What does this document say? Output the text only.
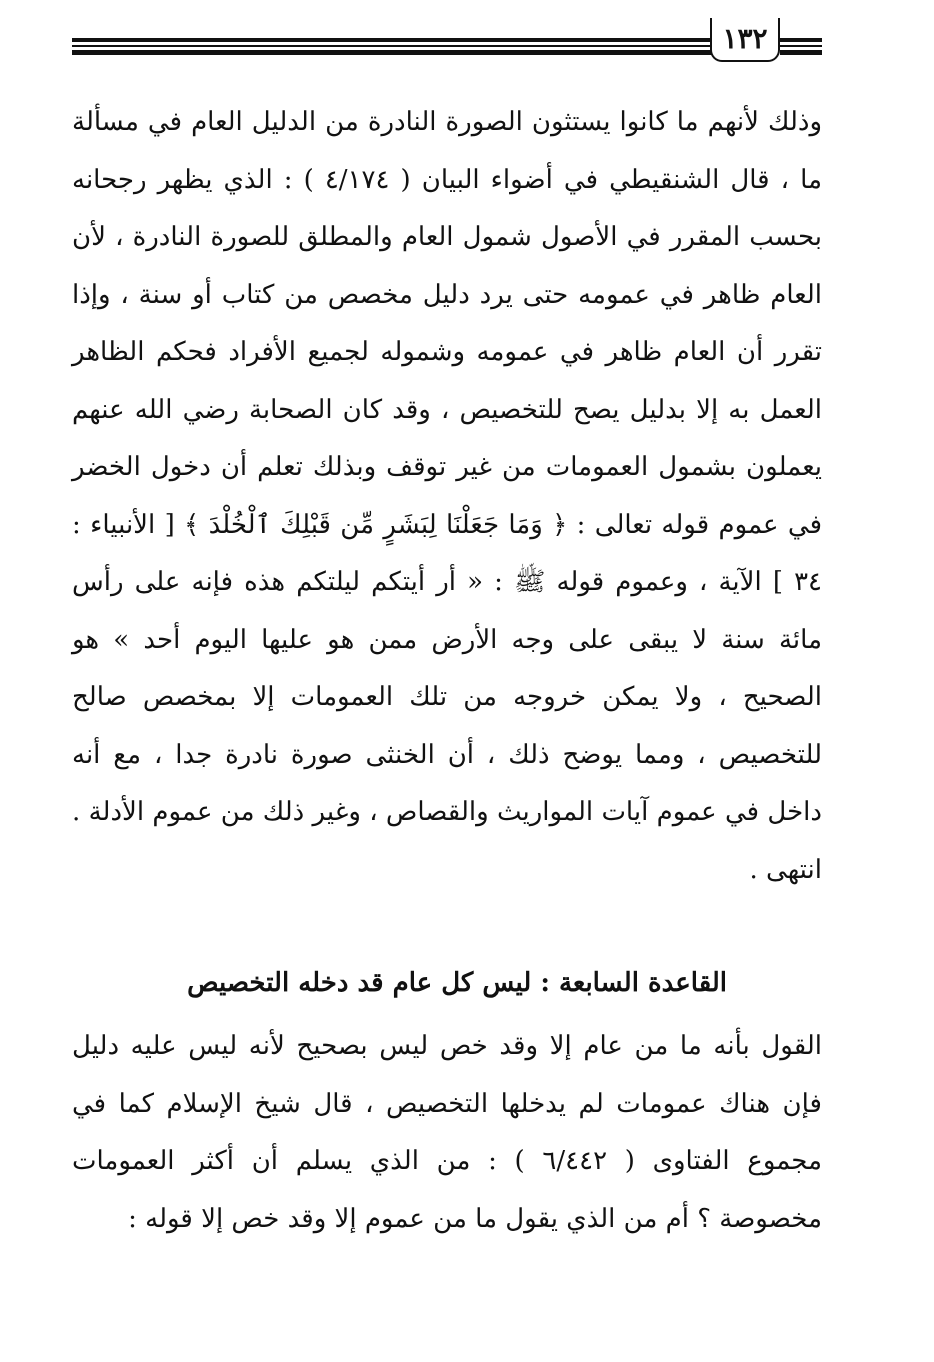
١٣٢

وذلك لأنهم ما كانوا يستثون الصورة النادرة من الدليل العام في مسألة ما ، قال الشنقيطي في أضواء البيان ( ٤/١٧٤ ) : الذي يظهر رجحانه بحسب المقرر في الأصول شمول العام والمطلق للصورة النادرة ، لأن العام ظاهر في عمومه حتى يرد دليل مخصص من كتاب أو سنة ، وإذا تقرر أن العام ظاهر في عمومه وشموله لجميع الأفراد فحكم الظاهر العمل به إلا بدليل يصح للتخصيص ، وقد كان الصحابة رضي الله عنهم يعملون بشمول العمومات من غير توقف وبذلك تعلم أن دخول الخضر في عموم قوله تعالى : ﴿ وَمَا جَعَلْنَا لِبَشَرٍ مِّن قَبْلِكَ ٱلْخُلْدَ ﴾ [ الأنبياء : ٣٤ ] الآية ، وعموم قوله ﷺ : « أر أيتكم ليلتكم هذه فإنه على رأس مائة سنة لا يبقى على وجه الأرض ممن هو عليها اليوم أحد » هو الصحيح ، ولا يمكن خروجه من تلك العمومات إلا بمخصص صالح للتخصيص ، ومما يوضح ذلك ، أن الخنثى صورة نادرة جدا ، مع أنه داخل في عموم آيات المواريث والقصاص ، وغير ذلك من عموم الأدلة . انتهى .

القاعدة السابعة : ليس كل عام قد دخله التخصيص

القول بأنه ما من عام إلا وقد خص ليس بصحيح لأنه ليس عليه دليل فإن هناك عمومات لم يدخلها التخصيص ، قال شيخ الإسلام كما في مجموع الفتاوى ( ٦/٤٤٢ ) : من الذي يسلم أن أكثر العمومات مخصوصة ؟ أم من الذي يقول ما من عموم إلا وقد خص إلا قوله :
